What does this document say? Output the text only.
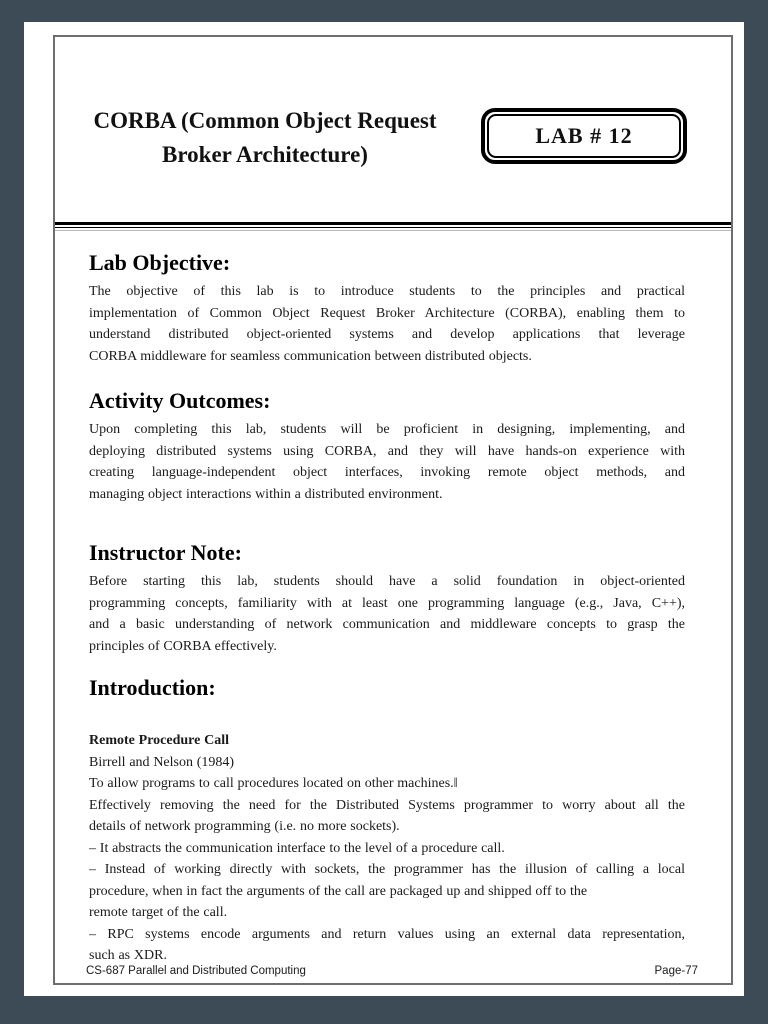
CORBA (Common Object Request
Broker Architecture)
LAB # 12
Lab Objective:
The objective of this lab is to introduce students to the principles and practical
implementation of Common Object Request Broker Architecture (CORBA), enabling them to
understand distributed object-oriented systems and develop applications that leverage
CORBA middleware for seamless communication between distributed objects.
Activity Outcomes:
Upon completing this lab, students will be proficient in designing, implementing, and
deploying distributed systems using CORBA, and they will have hands-on experience with
creating language-independent object interfaces, invoking remote object methods, and
managing object interactions within a distributed environment.
Instructor Note:
Before starting this lab, students should have a solid foundation in object-oriented
programming concepts, familiarity with at least one programming language (e.g., Java, C++),
and a basic understanding of network communication and middleware concepts to grasp the
principles of CORBA effectively.
Introduction:
Remote Procedure Call
Birrell and Nelson (1984)
To allow programs to call procedures located on other machines.‖
Effectively removing the need for the Distributed Systems programmer to worry about all the
details of network programming (i.e. no more sockets).
– It abstracts the communication interface to the level of a procedure call.
– Instead of working directly with sockets, the programmer has the illusion of calling a local
procedure, when in fact the arguments of the call are packaged up and shipped off to the
remote target of the call.
– RPC systems encode arguments and return values using an external data representation,
such as XDR.
CS-687 Parallel and Distributed Computing	Page-77
